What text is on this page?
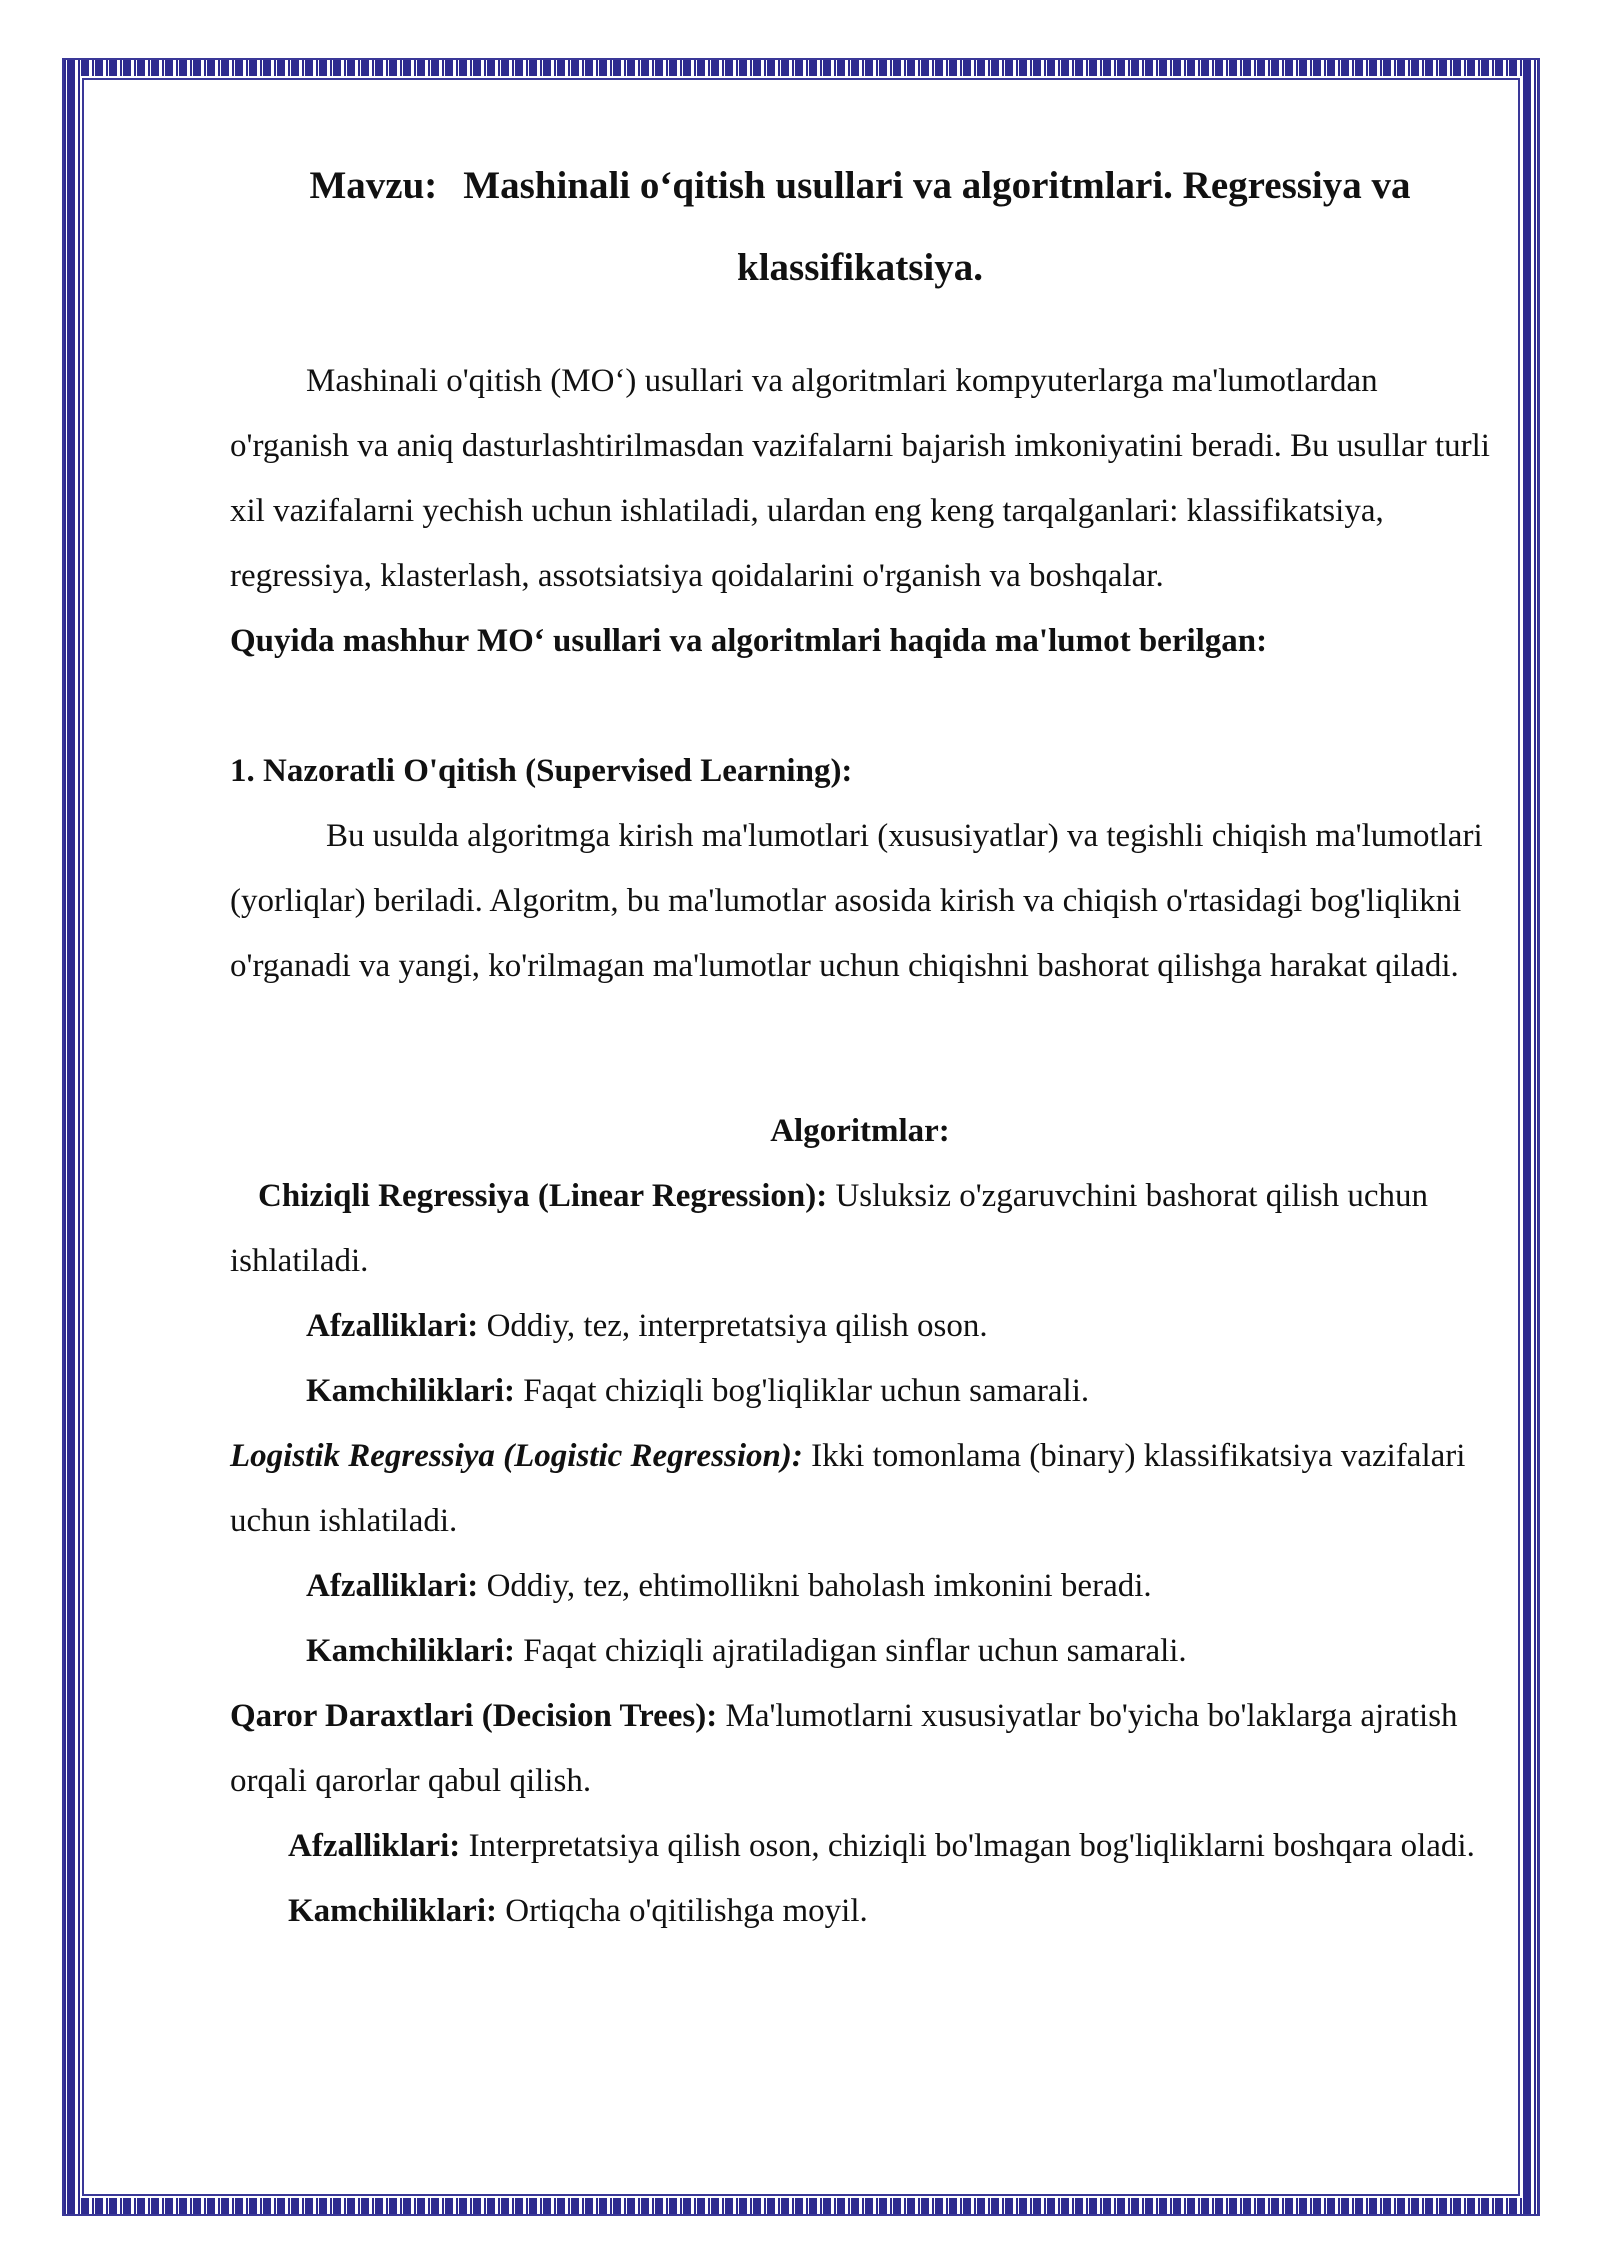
Mavzu: Mashinali o‘qitish usullari va algoritmlari. Regressiya va
klassifikatsiya.

Mashinali o'qitish (MO‘) usullari va algoritmlari kompyuterlarga ma'lumotlardan o'rganish va aniq dasturlashtirilmasdan vazifalarni bajarish imkoniyatini beradi. Bu usullar turli xil vazifalarni yechish uchun ishlatiladi, ulardan eng keng tarqalganlari: klassifikatsiya, regressiya, klasterlash, assotsiatsiya qoidalarini o'rganish va boshqalar.

Quyida mashhur MO‘ usullari va algoritmlari haqida ma'lumot berilgan:

1. Nazoratli O'qitish (Supervised Learning):

Bu usulda algoritmga kirish ma'lumotlari (xususiyatlar) va tegishli chiqish ma'lumotlari (yorliqlar) beriladi. Algoritm, bu ma'lumotlar asosida kirish va chiqish o'rtasidagi bog'liqlikni o'rganadi va yangi, ko'rilmagan ma'lumotlar uchun chiqishni bashorat qilishga harakat qiladi.

Algoritmlar:

Chiziqli Regressiya (Linear Regression): Usluksiz o'zgaruvchini bashorat qilish uchun ishlatiladi.

Afzalliklari: Oddiy, tez, interpretatsiya qilish oson.

Kamchiliklari: Faqat chiziqli bog'liqliklar uchun samarali.

Logistik Regressiya (Logistic Regression): Ikki tomonlama (binary) klassifikatsiya vazifalari uchun ishlatiladi.

Afzalliklari: Oddiy, tez, ehtimollikni baholash imkonini beradi.

Kamchiliklari: Faqat chiziqli ajratiladigan sinflar uchun samarali.

Qaror Daraxtlari (Decision Trees): Ma'lumotlarni xususiyatlar bo'yicha bo'laklarga ajratish orqali qarorlar qabul qilish.

Afzalliklari: Interpretatsiya qilish oson, chiziqli bo'lmagan bog'liqliklarni boshqara oladi.

Kamchiliklari: Ortiqcha o'qitilishga moyil.
